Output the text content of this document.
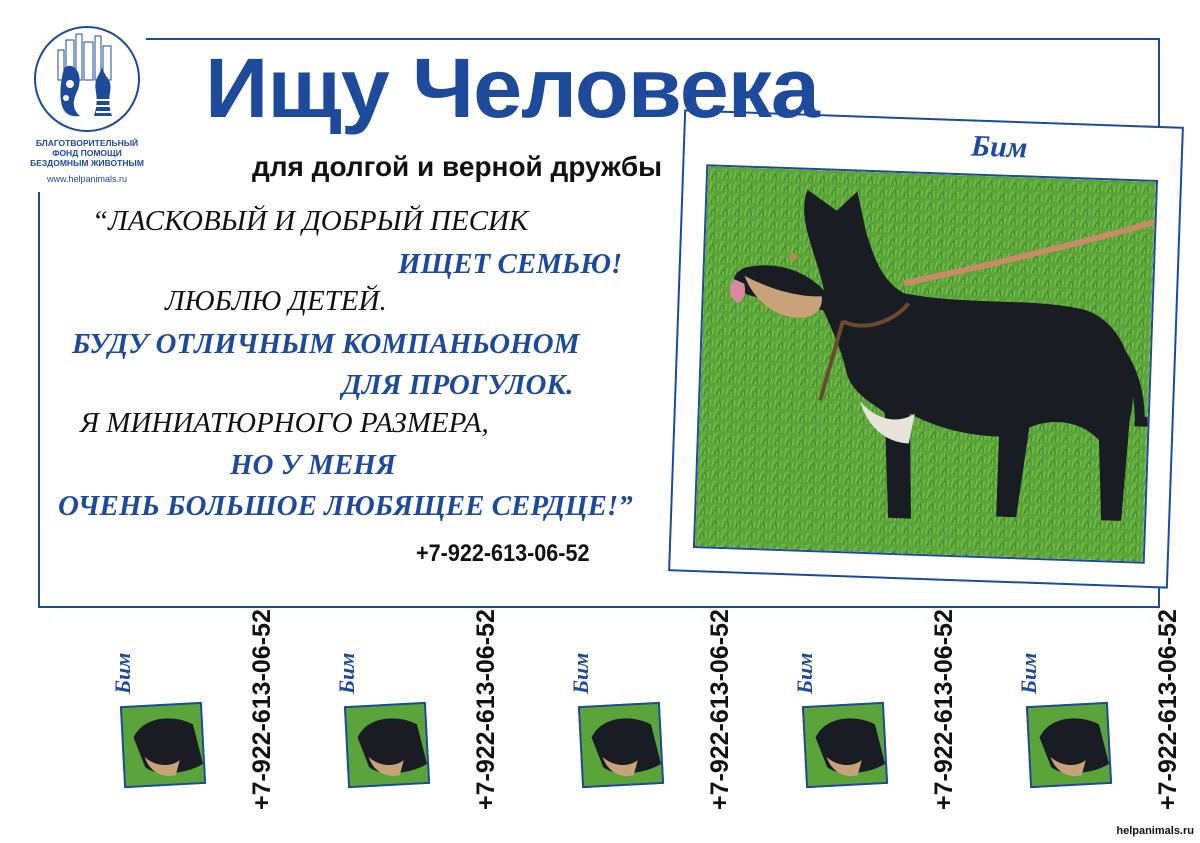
БЛАГОТВОРИТЕЛЬНЫЙ
ФОНД ПОМОЩИ
БЕЗДОМНЫМ ЖИВОТНЫМ
www.helpanimals.ru
Бим
Ищу Человека
для долгой и верной дружбы
“ЛАСКОВЫЙ И ДОБРЫЙ ПЕСИК
ИЩЕТ СЕМЬЮ!
ЛЮБЛЮ ДЕТЕЙ.
БУДУ ОТЛИЧНЫМ КОМПАНЬОНОМ
ДЛЯ ПРОГУЛОК.
Я МИНИАТЮРНОГО РАЗМЕРА,
НО У МЕНЯ
ОЧЕНЬ БОЛЬШОЕ ЛЮБЯЩЕЕ СЕРДЦЕ!”
+7-922-613-06-52
Бим	+7-922-613-06-52	Бим	+7-922-613-06-52	Бим	+7-922-613-06-52	Бим	+7-922-613-06-52	Бим	+7-922-613-06-52
helpanimals.ru
